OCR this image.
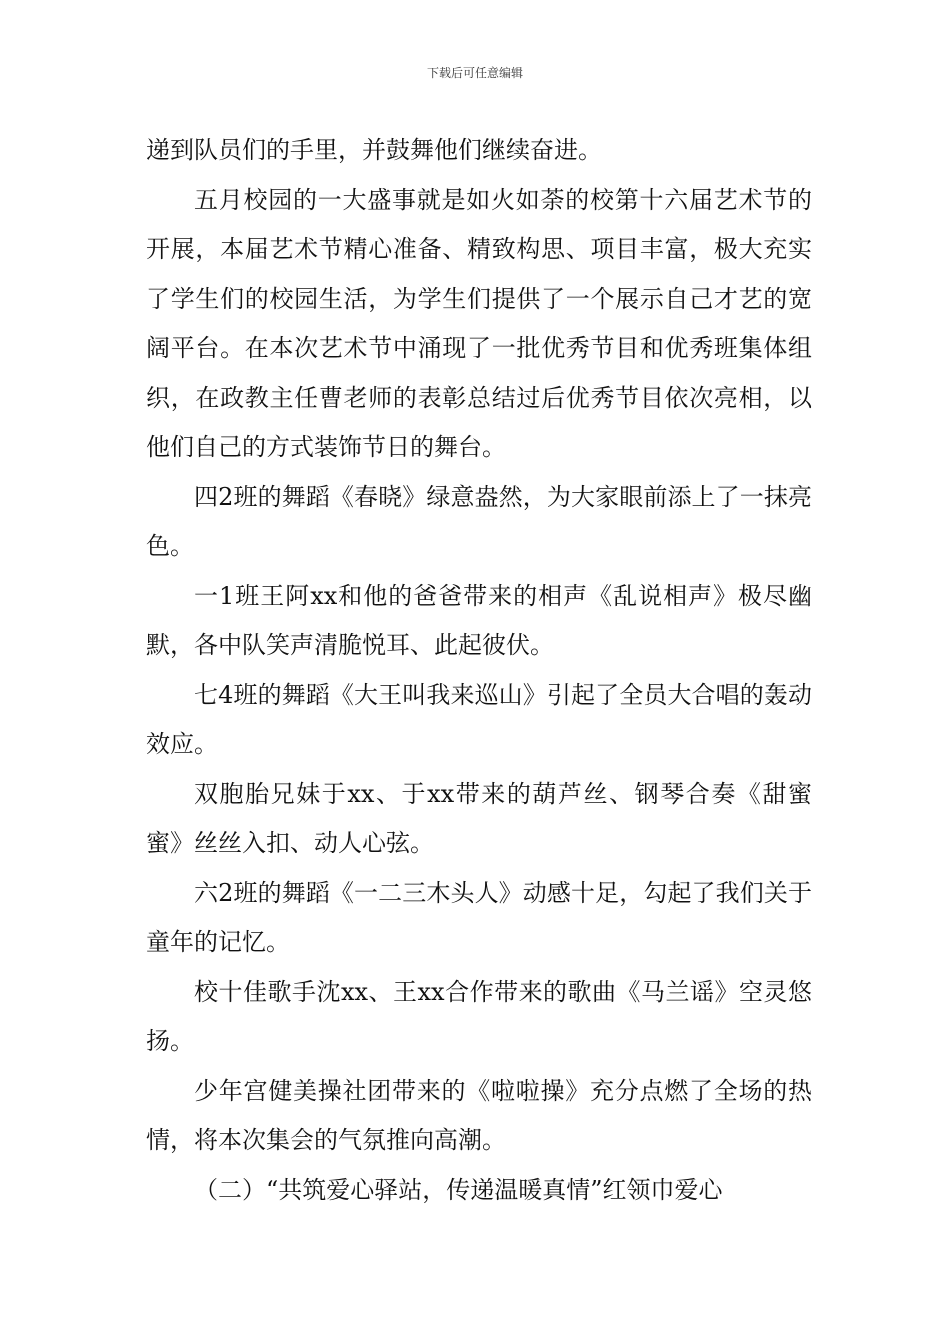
下载后可任意编辑

递到队员们的手里，并鼓舞他们继续奋进。

五月校园的一大盛事就是如火如荼的校第十六届艺术节的开展，本届艺术节精心准备、精致构思、项目丰富，极大充实了学生们的校园生活，为学生们提供了一个展示自己才艺的宽阔平台。在本次艺术节中涌现了一批优秀节目和优秀班集体组织，在政教主任曹老师的表彰总结过后优秀节目依次亮相，以他们自己的方式装饰节日的舞台。

四2班的舞蹈《春晓》绿意盎然，为大家眼前添上了一抹亮色。

一1班王阿xx和他的爸爸带来的相声《乱说相声》极尽幽默，各中队笑声清脆悦耳、此起彼伏。

七4班的舞蹈《大王叫我来巡山》引起了全员大合唱的轰动效应。

双胞胎兄妹于xx、于xx带来的葫芦丝、钢琴合奏《甜蜜蜜》丝丝入扣、动人心弦。

六2班的舞蹈《一二三木头人》动感十足，勾起了我们关于童年的记忆。

校十佳歌手沈xx、王xx合作带来的歌曲《马兰谣》空灵悠扬。

少年宫健美操社团带来的《啦啦操》充分点燃了全场的热情，将本次集会的气氛推向高潮。

（二）“共筑爱心驿站，传递温暖真情”红领巾爱心
